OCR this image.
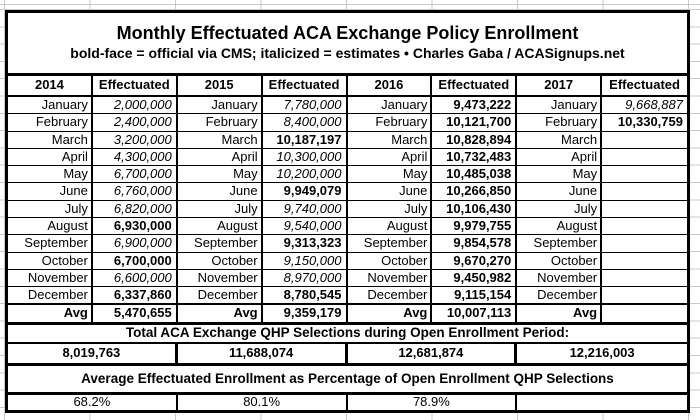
Monthly Effectuated ACA Exchange Policy Enrollment
bold-face = official via CMS; italicized = estimates • Charles Gaba / ACASignups.net
2014	Effectuated	2015	Effectuated	2016	Effectuated	2017	Effectuated
January	2,000,000	January	7,780,000	January	9,473,222	January	9,668,887
February	2,400,000	February	8,400,000	February	10,121,700	February	10,330,759
March	3,200,000	March	10,187,197	March	10,828,894	March
April	4,300,000	April	10,300,000	April	10,732,483	April
May	6,700,000	May	10,200,000	May	10,485,038	May
June	6,760,000	June	9,949,079	June	10,266,850	June
July	6,820,000	July	9,740,000	July	10,106,430	July
August	6,930,000	August	9,540,000	August	9,979,755	August
September	6,900,000	September	9,313,323	September	9,854,578	September
October	6,700,000	October	9,150,000	October	9,670,270	October
November	6,600,000	November	8,970,000	November	9,450,982	November
December	6,337,860	December	8,780,545	December	9,115,154	December
Avg	5,470,655	Avg	9,359,179	Avg	10,007,113	Avg
Total ACA Exchange QHP Selections during Open Enrollment Period:
8,019,763	11,688,074	12,681,874	12,216,003
Average Effectuated Enrollment as Percentage of Open Enrollment QHP Selections
68.2%	80.1%	78.9%
